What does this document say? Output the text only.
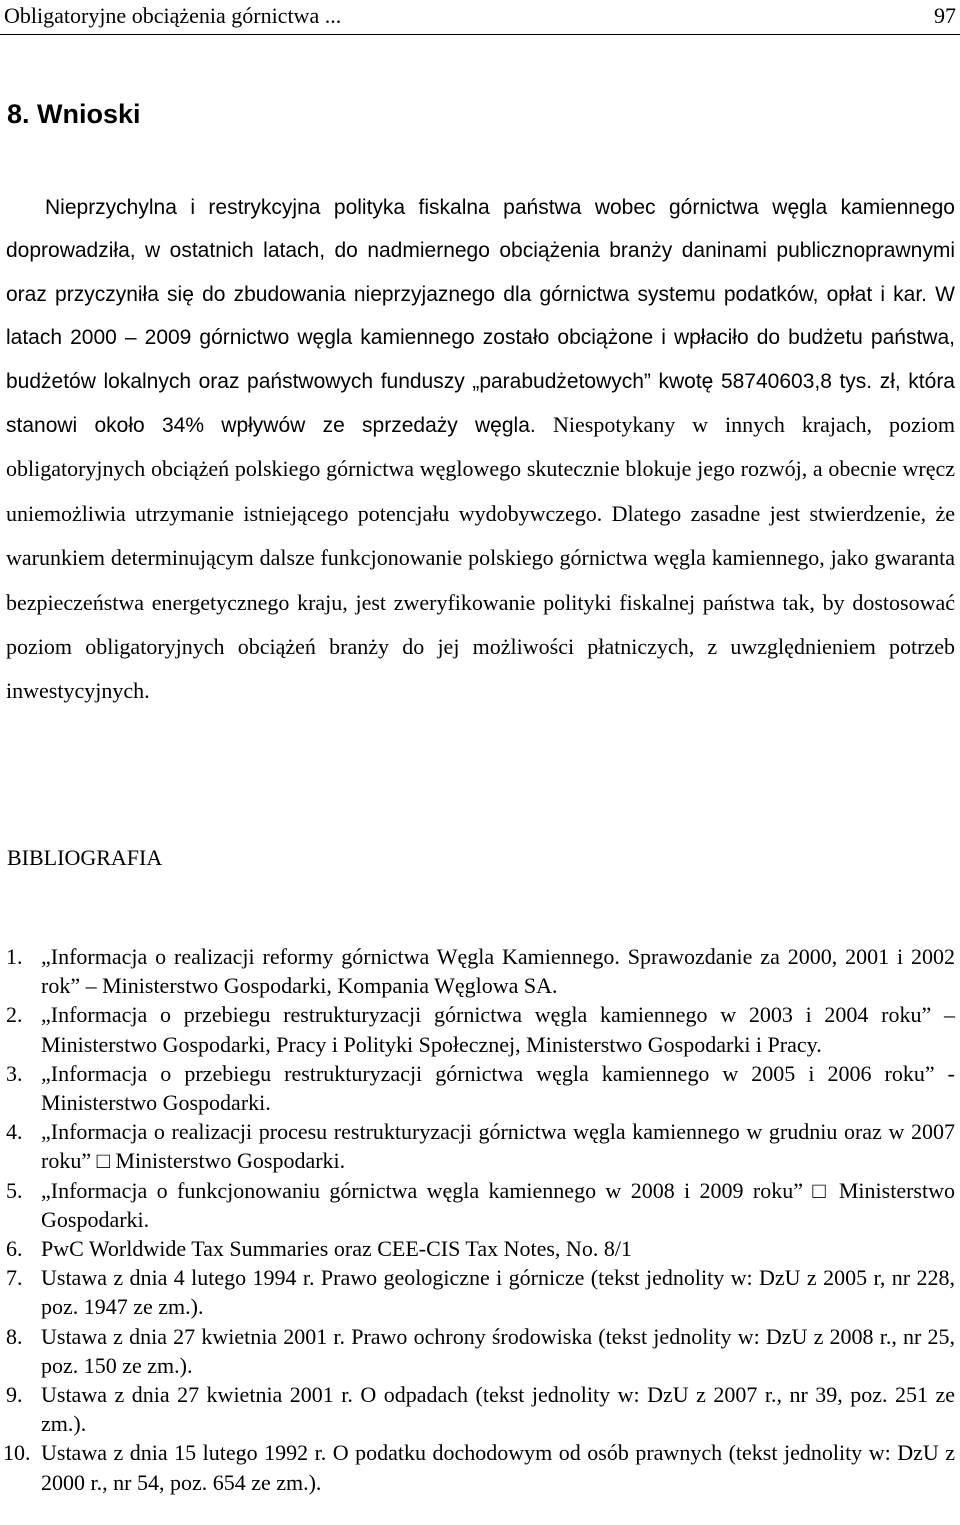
Obligatoryjne obciążenia górnictwa ...	97
8. Wnioski

Nieprzychylna i restrykcyjna polityka fiskalna państwa wobec górnictwa węgla kamiennego doprowadziła, w ostatnich latach, do nadmiernego obciążenia branży daninami publicznoprawnymi oraz przyczyniła się do zbudowania nieprzyjaznego dla górnictwa systemu podatków, opłat i kar. W latach 2000 – 2009 górnictwo węgla kamiennego zostało obciążone i wpłaciło do budżetu państwa, budżetów lokalnych oraz państwowych funduszy „parabudżetowych” kwotę 58740603,8 tys. zł, która stanowi około 34% wpływów ze sprzedaży węgla. Niespotykany w innych krajach, poziom obligatoryjnych obciążeń polskiego górnictwa węglowego skutecznie blokuje jego rozwój, a obecnie wręcz uniemożliwia utrzymanie istniejącego potencjału wydobywczego. Dlatego zasadne jest stwierdzenie, że warunkiem determinującym dalsze funkcjonowanie polskiego górnictwa węgla kamiennego, jako gwaranta bezpieczeństwa energetycznego kraju, jest zweryfikowanie polityki fiskalnej państwa tak, by dostosować poziom obligatoryjnych obciążeń branży do jej możliwości płatniczych, z uwzględnieniem potrzeb inwestycyjnych.

BIBLIOGRAFIA
1. „Informacja o realizacji reformy górnictwa Węgla Kamiennego. Sprawozdanie za 2000, 2001 i 2002 rok” – Ministerstwo Gospodarki, Kompania Węglowa SA.
2. „Informacja o przebiegu restrukturyzacji górnictwa węgla kamiennego w 2003 i 2004 roku” – Ministerstwo Gospodarki, Pracy i Polityki Społecznej, Ministerstwo Gospodarki i Pracy.
3. „Informacja o przebiegu restrukturyzacji górnictwa węgla kamiennego w 2005 i 2006 roku” - Ministerstwo Gospodarki.
4. „Informacja o realizacji procesu restrukturyzacji górnictwa węgla kamiennego w grudniu oraz w 2007 roku” □ Ministerstwo Gospodarki.
5. „Informacja o funkcjonowaniu górnictwa węgla kamiennego w 2008 i 2009 roku” □ Ministerstwo Gospodarki.
6. PwC Worldwide Tax Summaries oraz CEE-CIS Tax Notes, No. 8/1
7. Ustawa z dnia 4 lutego 1994 r. Prawo geologiczne i górnicze (tekst jednolity w: DzU z 2005 r, nr 228, poz. 1947 ze zm.).
8. Ustawa z dnia 27 kwietnia 2001 r. Prawo ochrony środowiska (tekst jednolity w: DzU z 2008 r., nr 25, poz. 150 ze zm.).
9. Ustawa z dnia 27 kwietnia 2001 r. O odpadach (tekst jednolity w: DzU z 2007 r., nr 39, poz. 251 ze zm.).
10. Ustawa z dnia 15 lutego 1992 r. O podatku dochodowym od osób prawnych (tekst jednolity w: DzU z 2000 r., nr 54, poz. 654 ze zm.).
